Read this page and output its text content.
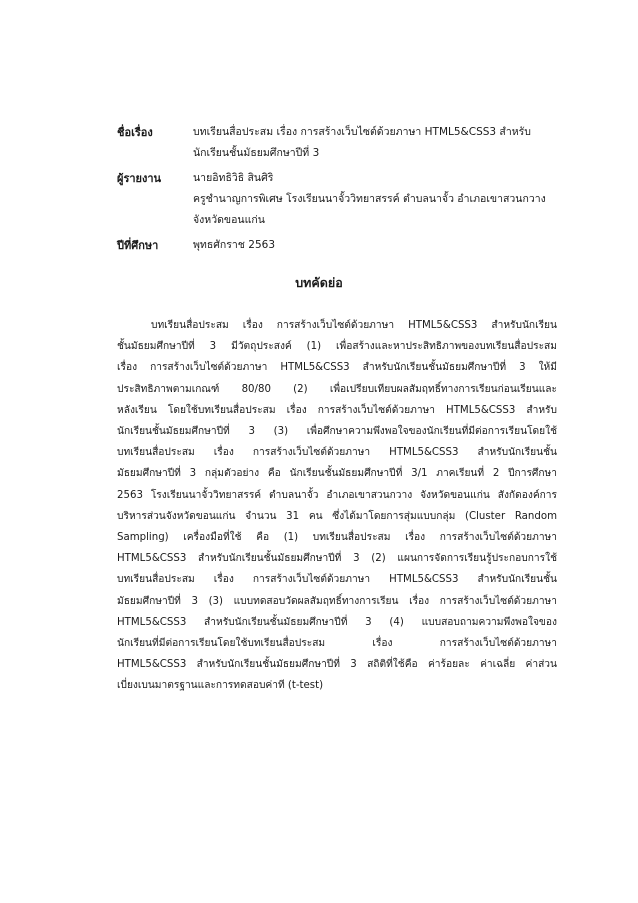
ชื่อเรื่อง	บทเรียนสื่อประสม เรื่อง การสร้างเว็บไซต์ด้วยภาษา HTML5&CSS3 สำหรับ
นักเรียนชั้นมัธยมศึกษาปีที่ 3
ผู้รายงาน	นายอิทธิวิธิ สินศิริ
ครูชำนาญการพิเศษ โรงเรียนนาจั้ววิทยาสรรค์ ตำบลนาจั้ว อำเภอเขาสวนกวาง
จังหวัดขอนแก่น
ปีที่ศึกษา	พุทธศักราช 2563
บทคัดย่อ
บทเรียนสื่อประสม เรื่อง การสร้างเว็บไซต์ด้วยภาษา HTML5&CSS3 สำหรับนักเรียน
ชั้นมัธยมศึกษาปีที่ 3 มีวัตถุประสงค์ (1) เพื่อสร้างและหาประสิทธิภาพของบทเรียนสื่อประสม
เรื่อง การสร้างเว็บไซต์ด้วยภาษา HTML5&CSS3 สำหรับนักเรียนชั้นมัธยมศึกษาปีที่ 3 ให้มี
ประสิทธิภาพตามเกณฑ์ 80/80 (2) เพื่อเปรียบเทียบผลสัมฤทธิ์ทางการเรียนก่อนเรียนและ
หลังเรียน โดยใช้บทเรียนสื่อประสม เรื่อง การสร้างเว็บไซต์ด้วยภาษา HTML5&CSS3 สำหรับ
นักเรียนชั้นมัธยมศึกษาปีที่ 3 (3) เพื่อศึกษาความพึงพอใจของนักเรียนที่มีต่อการเรียนโดยใช้
บทเรียนสื่อประสม เรื่อง การสร้างเว็บไซต์ด้วยภาษา HTML5&CSS3 สำหรับนักเรียนชั้น
มัธยมศึกษาปีที่ 3 กลุ่มตัวอย่าง คือ นักเรียนชั้นมัธยมศึกษาปีที่ 3/1 ภาคเรียนที่ 2 ปีการศึกษา
2563 โรงเรียนนาจั้ววิทยาสรรค์ ตำบลนาจั้ว อำเภอเขาสวนกวาง จังหวัดขอนแก่น สังกัดองค์การ
บริหารส่วนจังหวัดขอนแก่น จำนวน 31 คน ซึ่งได้มาโดยการสุ่มแบบกลุ่ม (Cluster Random
Sampling) เครื่องมือที่ใช้ คือ (1) บทเรียนสื่อประสม เรื่อง การสร้างเว็บไซต์ด้วยภาษา
HTML5&CSS3 สำหรับนักเรียนชั้นมัธยมศึกษาปีที่ 3 (2) แผนการจัดการเรียนรู้ประกอบการใช้
บทเรียนสื่อประสม เรื่อง การสร้างเว็บไซต์ด้วยภาษา HTML5&CSS3 สำหรับนักเรียนชั้น
มัธยมศึกษาปีที่ 3 (3) แบบทดสอบวัดผลสัมฤทธิ์ทางการเรียน เรื่อง การสร้างเว็บไซต์ด้วยภาษา
HTML5&CSS3 สำหรับนักเรียนชั้นมัธยมศึกษาปีที่ 3 (4) แบบสอบถามความพึงพอใจของ
นักเรียนที่มีต่อการเรียนโดยใช้บทเรียนสื่อประสม เรื่อง การสร้างเว็บไซต์ด้วยภาษา
HTML5&CSS3 สำหรับนักเรียนชั้นมัธยมศึกษาปีที่ 3 สถิติที่ใช้คือ ค่าร้อยละ ค่าเฉลี่ย ค่าส่วน
เบี่ยงเบนมาตรฐานและการทดสอบค่าที (t-test)
